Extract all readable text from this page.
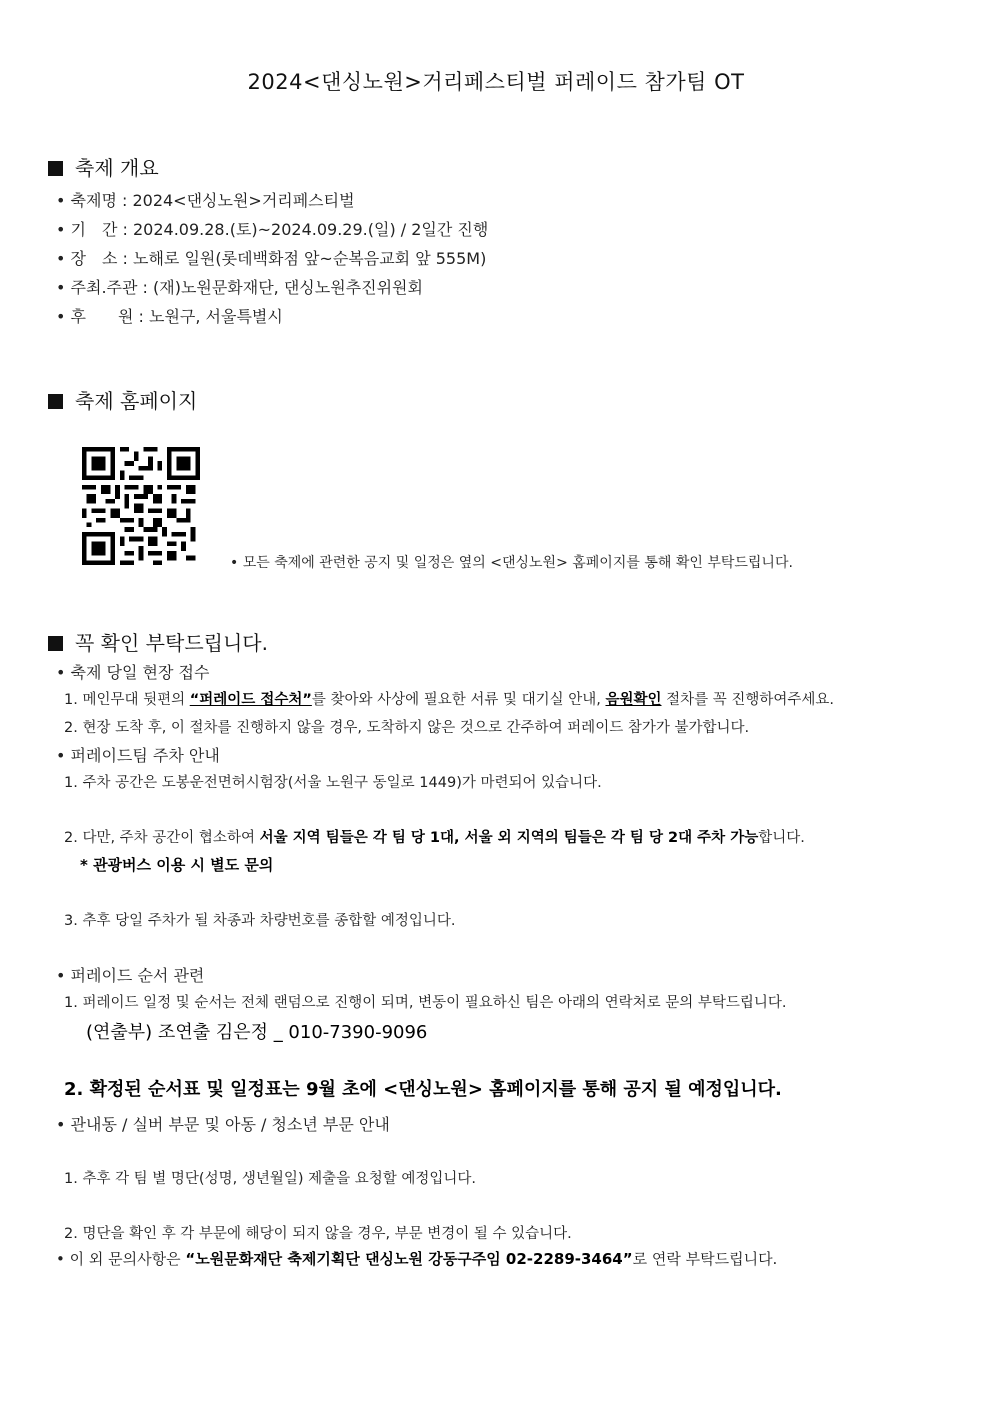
2024<댄싱노원>거리페스티벌 퍼레이드 참가팀 OT
축제 개요
• 축제명 : 2024<댄싱노원>거리페스티벌
• 기　간 : 2024.09.28.(토)~2024.09.29.(일) / 2일간 진행
• 장　소 : 노해로 일원(롯데백화점 앞~순복음교회 앞 555M)
• 주최.주관 : (재)노원문화재단, 댄싱노원추진위원회
• 후　　원 : 노원구, 서울특별시
축제 홈페이지
• 모든 축제에 관련한 공지 및 일정은 옆의 <댄싱노원> 홈페이지를 통해 확인 부탁드립니다.
꼭 확인 부탁드립니다.
• 축제 당일 현장 접수
1. 메인무대 뒷편의 “퍼레이드 접수처”를 찾아와 사상에 필요한 서류 및 대기실 안내, 음원확인 절차를 꼭 진행하여주세요.
2. 현장 도착 후, 이 절차를 진행하지 않을 경우, 도착하지 않은 것으로 간주하여 퍼레이드 참가가 불가합니다.
• 퍼레이드팀 주차 안내
1. 주차 공간은 도봉운전면허시험장(서울 노원구 동일로 1449)가 마련되어 있습니다.
2. 다만, 주차 공간이 협소하여 서울 지역 팀들은 각 팀 당 1대, 서울 외 지역의 팀들은 각 팀 당 2대 주차 가능합니다.
* 관광버스 이용 시 별도 문의
3. 추후 당일 주차가 될 차종과 차량번호를 종합할 예정입니다.
• 퍼레이드 순서 관련
1. 퍼레이드 일정 및 순서는 전체 랜덤으로 진행이 되며, 변동이 필요하신 팀은 아래의 연락처로 문의 부탁드립니다.
(연출부) 조연출 김은정 _ 010-7390-9096
2. 확정된 순서표 및 일정표는 9월 초에 <댄싱노원> 홈페이지를 통해 공지 될 예정입니다.
• 관내동 / 실버 부문 및 아동 / 청소년 부문 안내
1. 추후 각 팀 별 명단(성명, 생년월일) 제출을 요청할 예정입니다.
2. 명단을 확인 후 각 부문에 해당이 되지 않을 경우, 부문 변경이 될 수 있습니다.
• 이 외 문의사항은 “노원문화재단 축제기획단 댄싱노원 강동구주임 02-2289-3464”로 연락 부탁드립니다.
